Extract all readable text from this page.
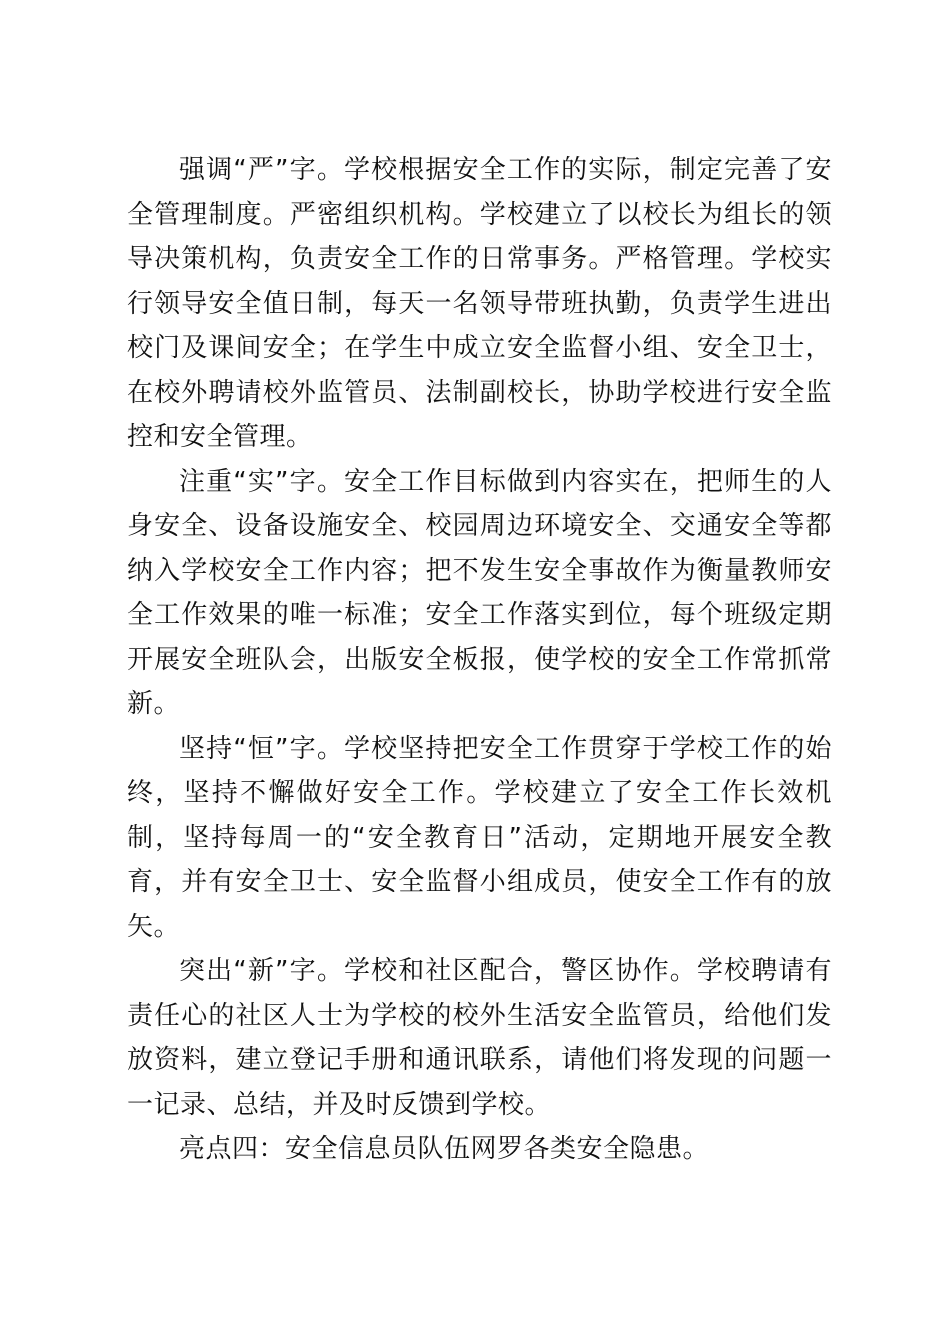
强调“严”字。学校根据安全工作的实际，制定完善了安全管理制度。严密组织机构。学校建立了以校长为组长的领导决策机构，负责安全工作的日常事务。严格管理。学校实行领导安全值日制，每天一名领导带班执勤，负责学生进出校门及课间安全；在学生中成立安全监督小组、安全卫士，在校外聘请校外监管员、法制副校长，协助学校进行安全监控和安全管理。

注重“实”字。安全工作目标做到内容实在，把师生的人身安全、设备设施安全、校园周边环境安全、交通安全等都纳入学校安全工作内容；把不发生安全事故作为衡量教师安全工作效果的唯一标准；安全工作落实到位，每个班级定期开展安全班队会，出版安全板报，使学校的安全工作常抓常新。

坚持“恒”字。学校坚持把安全工作贯穿于学校工作的始终，坚持不懈做好安全工作。学校建立了安全工作长效机制，坚持每周一的“安全教育日”活动，定期地开展安全教育，并有安全卫士、安全监督小组成员，使安全工作有的放矢。

突出“新”字。学校和社区配合，警区协作。学校聘请有责任心的社区人士为学校的校外生活安全监管员，给他们发放资料，建立登记手册和通讯联系，请他们将发现的问题一一记录、总结，并及时反馈到学校。

亮点四：安全信息员队伍网罗各类安全隐患。
